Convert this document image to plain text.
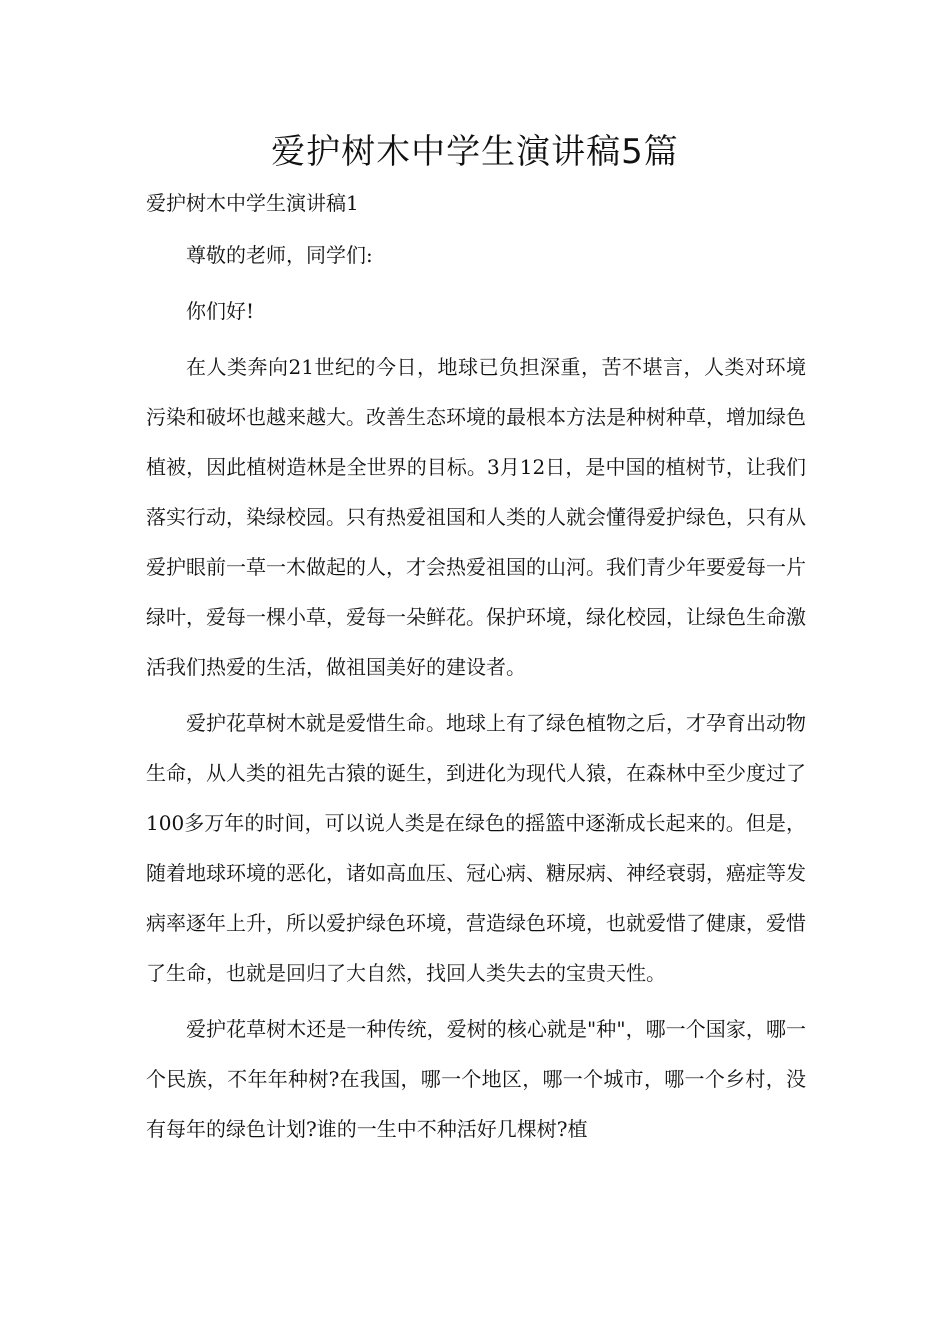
爱护树木中学生演讲稿5篇
爱护树木中学生演讲稿1

尊敬的老师，同学们:

你们好!

在人类奔向21世纪的今日，地球已负担深重，苦不堪言，人类对环境污染和破坏也越来越大。改善生态环境的最根本方法是种树种草，增加绿色植被，因此植树造林是全世界的目标。3月12日，是中国的植树节，让我们落实行动，染绿校园。只有热爱祖国和人类的人就会懂得爱护绿色，只有从爱护眼前一草一木做起的人，才会热爱祖国的山河。我们青少年要爱每一片绿叶，爱每一棵小草，爱每一朵鲜花。保护环境，绿化校园，让绿色生命激活我们热爱的生活，做祖国美好的建设者。

爱护花草树木就是爱惜生命。地球上有了绿色植物之后，才孕育出动物生命，从人类的祖先古猿的诞生，到进化为现代人猿，在森林中至少度过了100多万年的时间，可以说人类是在绿色的摇篮中逐渐成长起来的。但是，随着地球环境的恶化，诸如高血压、冠心病、糖尿病、神经衰弱，癌症等发病率逐年上升，所以爱护绿色环境，营造绿色环境，也就爱惜了健康，爱惜了生命，也就是回归了大自然，找回人类失去的宝贵天性。

爱护花草树木还是一种传统，爱树的核心就是"种"，哪一个国家，哪一个民族，不年年种树?在我国，哪一个地区，哪一个城市，哪一个乡村，没有每年的绿色计划?谁的一生中不种活好几棵树?植
